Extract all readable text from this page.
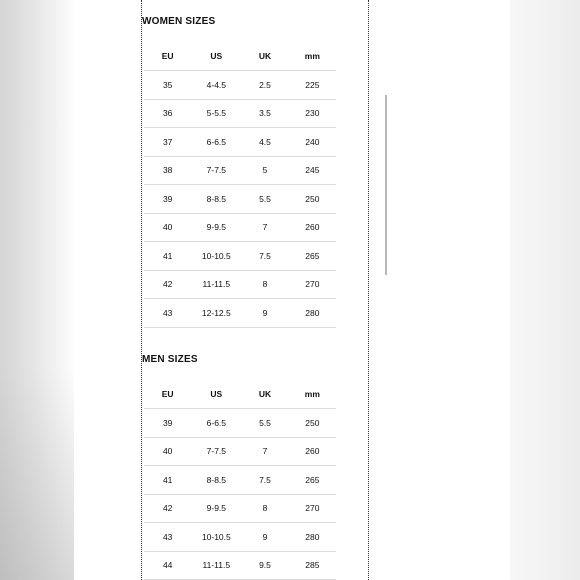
WOMEN SIZES
EU	US	UK	mm
35	4-4.5	2.5	225
36	5-5.5	3.5	230
37	6-6.5	4.5	240
38	7-7.5	5	245
39	8-8.5	5.5	250
40	9-9.5	7	260
41	10-10.5	7.5	265
42	11-11.5	8	270
43	12-12.5	9	280
MEN SIZES
EU	US	UK	mm
39	6-6.5	5.5	250
40	7-7.5	7	260
41	8-8.5	7.5	265
42	9-9.5	8	270
43	10-10.5	9	280
44	11-11.5	9.5	285
